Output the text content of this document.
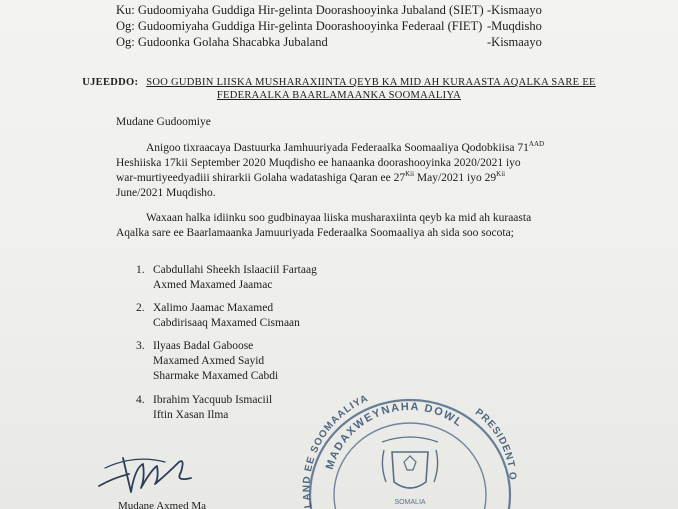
Ku: Gudoomiyaha Guddiga Hir-gelinta Doorashooyinka Jubaland (SIET) -Kismaayo
Og: Gudoomiyaha Guddiga Hir-gelinta Doorashooyinka Federaal (FIET) -Muqdisho
Og: Gudoonka Golaha Shacabka Jubaland	-Kismaayo
UJEEDDO: SOO GUDBIN LIISKA MUSHARAXIINTA QEYB KA MID AH KURAASTA AQALKA SARE EE
FEDERAALKA BAARLAMAANKA SOOMAALIYA
Mudane Gudoomiye
Anigoo tixraacaya Dastuurka Jamhuuriyada Federaalka Soomaaliya Qodobkiisa $71^{AAD}$
Heshiiska 17kii September 2020 Muqdisho ee hanaanka doorashooyinka 2020/2021 iyo
war-murtiyeedyadiii shirarkii Golaha wadatashiga Qaran ee $27^{Kii}$ May/2021 iyo $29^{Kii}$
June/2021 Muqdisho.
Waxaan halka idiinku soo gudbinayaa liiska musharaxiinta qeyb ka mid ah kuraasta
Aqalka sare ee Baarlamaanka Jamuuriyada Federaalka Soomaaliya ah sida soo socota;
1. Cabdullahi Sheekh Islaaciil Fartaag
Axmed Maxamed Jaamac
2. Xalimo Jaamac Maxamed
Cabdirisaaq Maxamed Cismaan
3. Ilyaas Badal Gaboose
Maxamed Axmed Sayid
Sharmake Maxamed Cabdi
4. Ibrahim Yacquub Ismaciil
Iftin Xasan Ilma
MADAXWEYNAHA DOWL
LAND EE SOOMAALIYA
PRESIDENT O
SOMALIA
Mudane Axmed Ma
